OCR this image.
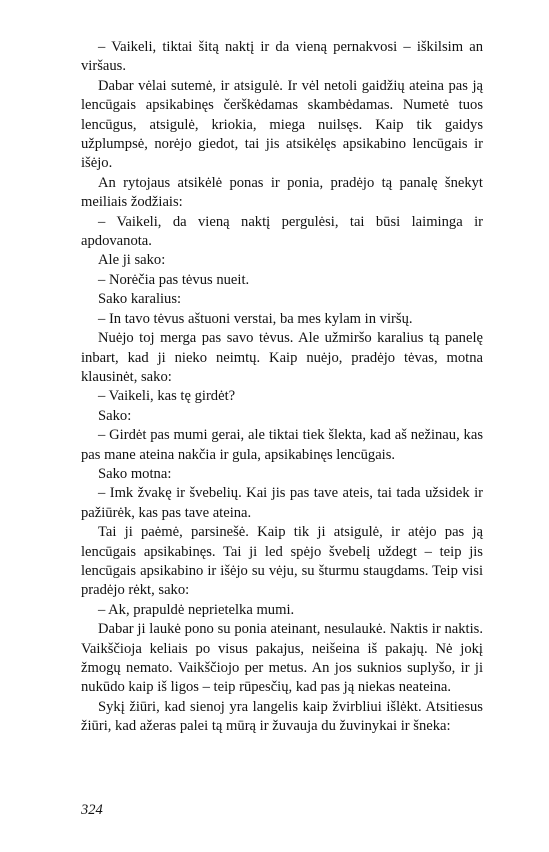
– Vaikeli, tiktai šitą naktį ir da vieną pernakvosi – iškilsim an viršaus.

Dabar vėlai sutemė, ir atsigulė. Ir vėl netoli gaidžių ateina pas ją lencūgais apsikabinęs čerškėdamas skambėdamas. Numetė tuos lencūgus, atsigulė, kriokia, miega nuilsęs. Kaip tik gaidys užplumpsė, norėjo giedot, tai jis atsikėlęs apsikabino lencūgais ir išėjo.

An rytojaus atsikėlė ponas ir ponia, pradėjo tą panalę šnekyt meiliais žodžiais:

– Vaikeli, da vieną naktį pergulėsi, tai būsi laiminga ir apdovanota.

Ale ji sako:

– Norėčia pas tėvus nueit.

Sako karalius:

– In tavo tėvus aštuoni verstai, ba mes kylam in viršų.

Nuėjo toj merga pas savo tėvus. Ale užmiršo karalius tą panelę inbart, kad ji nieko neimtų. Kaip nuėjo, pradėjo tėvas, motna klausinėt, sako:

– Vaikeli, kas tę girdėt?

Sako:

– Girdėt pas mumi gerai, ale tiktai tiek šlekta, kad aš nežinau, kas pas mane ateina nakčia ir gula, apsikabinęs lencūgais.

Sako motna:

– Imk žvakę ir švebelių. Kai jis pas tave ateis, tai tada užsidek ir pažiūrėk, kas pas tave ateina.

Tai ji paėmė, parsinešė. Kaip tik ji atsigulė, ir atėjo pas ją lencūgais apsikabinęs. Tai ji led spėjo švebelį uždegt – teip jis lencūgais apsikabino ir išėjo su vėju, su šturmu staugdams. Teip visi pradėjo rėkt, sako:

– Ak, prapuldė neprietelka mumi.

Dabar ji laukė pono su ponia ateinant, nesulaukė. Naktis ir naktis. Vaikščioja keliais po visus pakajus, neišeina iš pakajų. Nė jokį žmogų nemato. Vaikščiojo per metus. An jos suknios suplyšo, ir ji nukūdo kaip iš ligos – teip rūpesčių, kad pas ją niekas neateina.

Sykį žiūri, kad sienoj yra langelis kaip žvirbliui išlėkt. Atsitiesus žiūri, kad ažeras palei tą mūrą ir žuvauja du žuvinykai ir šneka:

324
